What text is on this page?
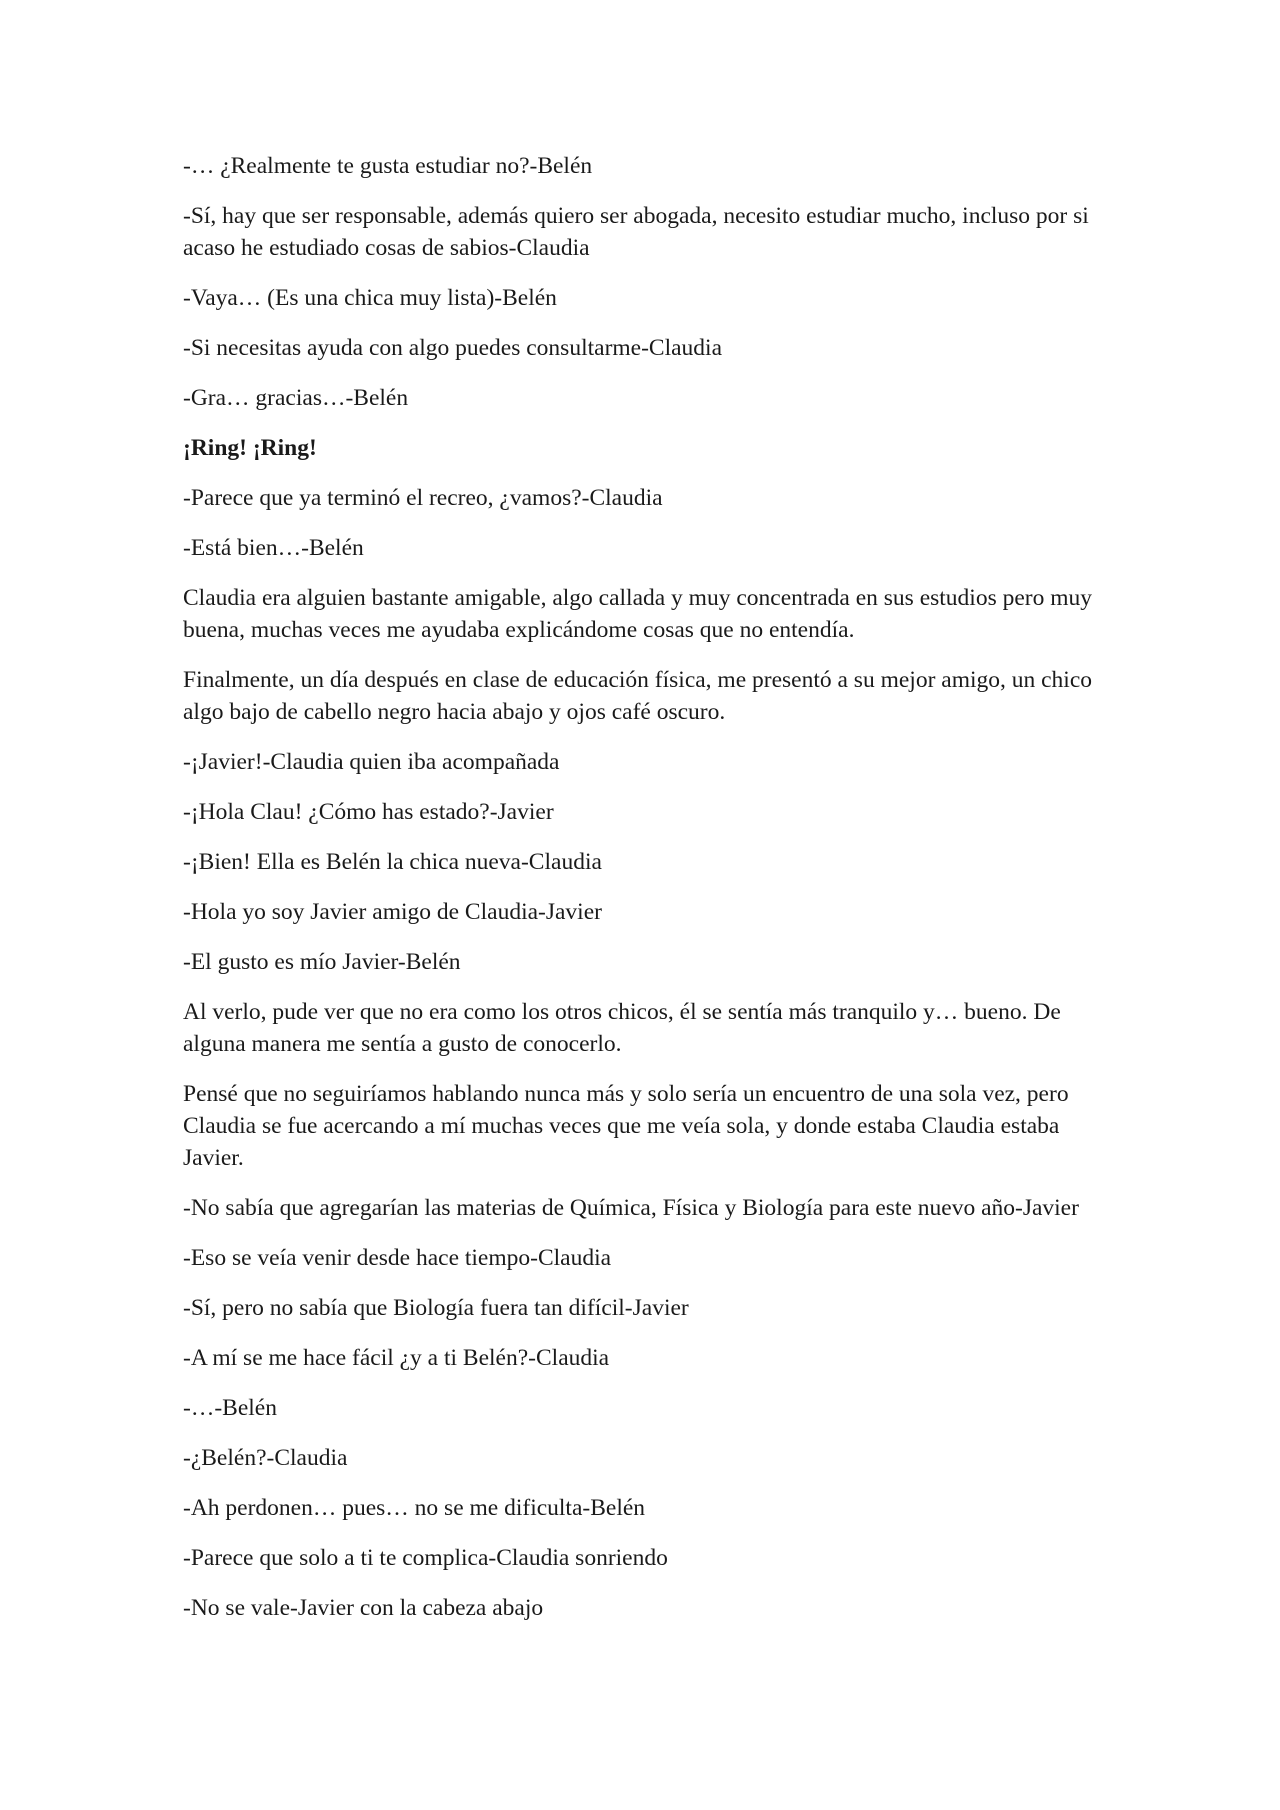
-… ¿Realmente te gusta estudiar no?-Belén

-Sí, hay que ser responsable, además quiero ser abogada, necesito estudiar mucho, incluso por si acaso he estudiado cosas de sabios-Claudia

-Vaya… (Es una chica muy lista)-Belén

-Si necesitas ayuda con algo puedes consultarme-Claudia

-Gra… gracias…-Belén

¡Ring! ¡Ring!

-Parece que ya terminó el recreo, ¿vamos?-Claudia

-Está bien…-Belén

Claudia era alguien bastante amigable, algo callada y muy concentrada en sus estudios pero muy buena, muchas veces me ayudaba explicándome cosas que no entendía.

Finalmente, un día después en clase de educación física, me presentó a su mejor amigo, un chico algo bajo de cabello negro hacia abajo y ojos café oscuro.

-¡Javier!-Claudia quien iba acompañada

-¡Hola Clau! ¿Cómo has estado?-Javier

-¡Bien! Ella es Belén la chica nueva-Claudia

-Hola yo soy Javier amigo de Claudia-Javier

-El gusto es mío Javier-Belén

Al verlo, pude ver que no era como los otros chicos, él se sentía más tranquilo y… bueno. De alguna manera me sentía a gusto de conocerlo.

Pensé que no seguiríamos hablando nunca más y solo sería un encuentro de una sola vez, pero Claudia se fue acercando a mí muchas veces que me veía sola, y donde estaba Claudia estaba Javier.

-No sabía que agregarían las materias de Química, Física y Biología para este nuevo año-Javier

-Eso se veía venir desde hace tiempo-Claudia

-Sí, pero no sabía que Biología fuera tan difícil-Javier

-A mí se me hace fácil ¿y a ti Belén?-Claudia

-…-Belén

-¿Belén?-Claudia

-Ah perdonen… pues… no se me dificulta-Belén

-Parece que solo a ti te complica-Claudia sonriendo

-No se vale-Javier con la cabeza abajo
